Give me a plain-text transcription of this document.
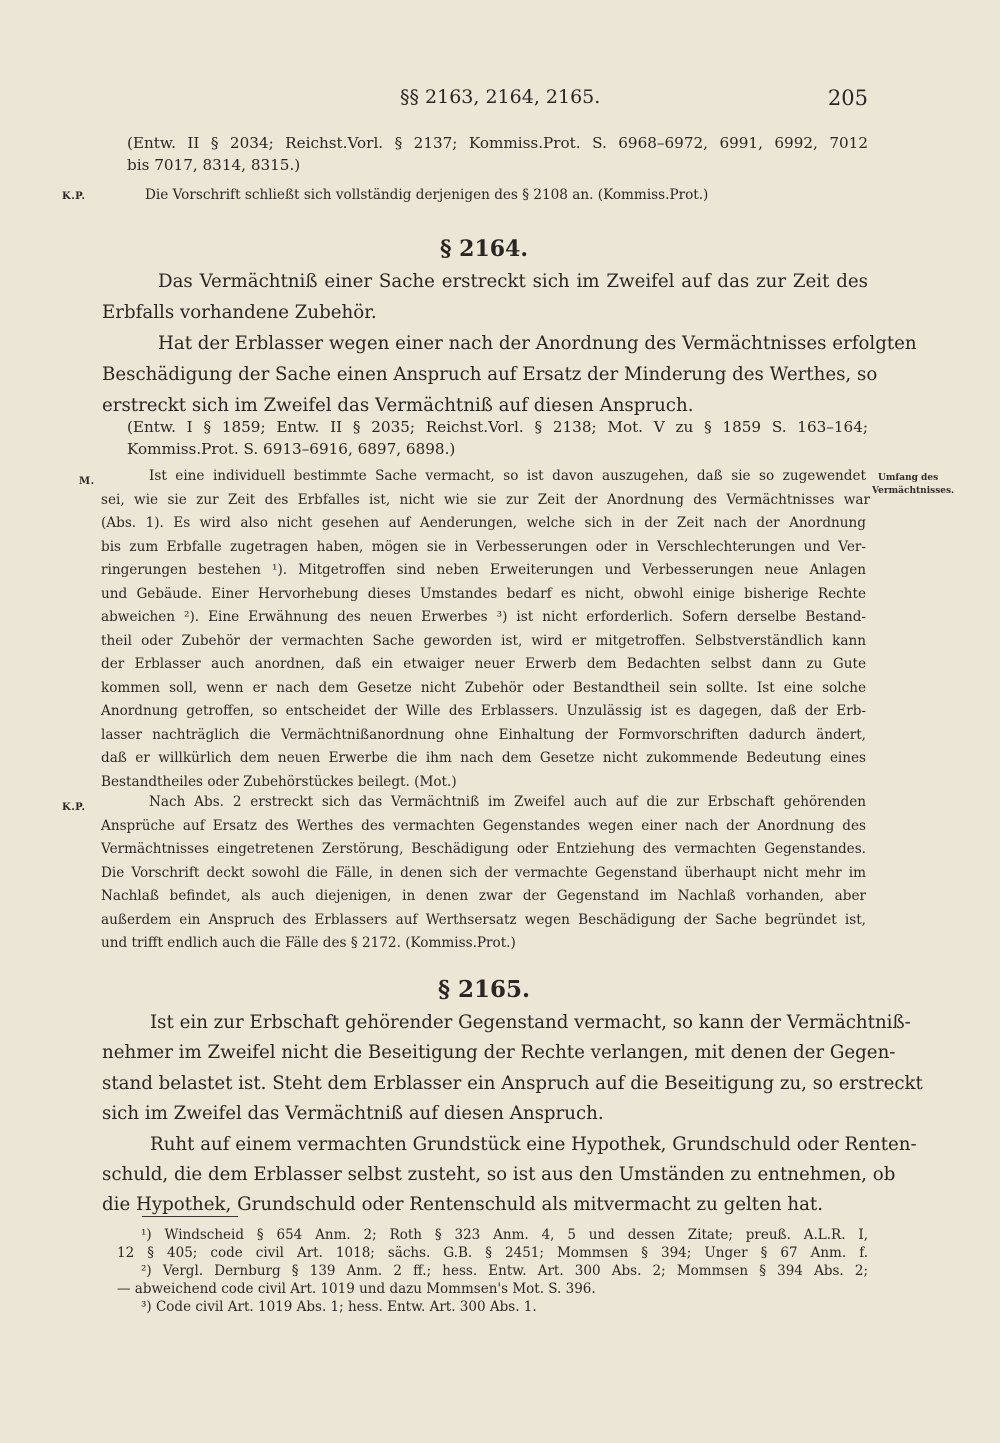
§§ 2163, 2164, 2165.	205
(Entw. II § 2034; Reichst.Vorl. § 2137; Kommiss.Prot. S. 6968–6972, 6991, 6992, 7012
bis 7017, 8314, 8315.)
K.P.	Die Vorschrift schließt sich vollständig derjenigen des § 2108 an. (Kommiss.Prot.)
§ 2164.
Das Vermächtniß einer Sache erstreckt sich im Zweifel auf das zur Zeit des
Erbfalls vorhandene Zubehör.
Hat der Erblasser wegen einer nach der Anordnung des Vermächtnisses erfolgten
Beschädigung der Sache einen Anspruch auf Ersatz der Minderung des Werthes, so
erstreckt sich im Zweifel das Vermächtniß auf diesen Anspruch.
(Entw. I § 1859; Entw. II § 2035; Reichst.Vorl. § 2138; Mot. V zu § 1859 S. 163–164;
Kommiss.Prot. S. 6913–6916, 6897, 6898.)
M.	Umfang des
Vermächtnisses.
Ist eine individuell bestimmte Sache vermacht, so ist davon auszugehen, daß sie so zugewendet
sei, wie sie zur Zeit des Erbfalles ist, nicht wie sie zur Zeit der Anordnung des Vermächtnisses war
(Abs. 1). Es wird also nicht gesehen auf Aenderungen, welche sich in der Zeit nach der Anordnung
bis zum Erbfalle zugetragen haben, mögen sie in Verbesserungen oder in Verschlechterungen und Ver-
ringerungen bestehen ¹). Mitgetroffen sind neben Erweiterungen und Verbesserungen neue Anlagen
und Gebäude. Einer Hervorhebung dieses Umstandes bedarf es nicht, obwohl einige bisherige Rechte
abweichen ²). Eine Erwähnung des neuen Erwerbes ³) ist nicht erforderlich. Sofern derselbe Bestand-
theil oder Zubehör der vermachten Sache geworden ist, wird er mitgetroffen. Selbstverständlich kann
der Erblasser auch anordnen, daß ein etwaiger neuer Erwerb dem Bedachten selbst dann zu Gute
kommen soll, wenn er nach dem Gesetze nicht Zubehör oder Bestandtheil sein sollte. Ist eine solche
Anordnung getroffen, so entscheidet der Wille des Erblassers. Unzulässig ist es dagegen, daß der Erb-
lasser nachträglich die Vermächtnißanordnung ohne Einhaltung der Formvorschriften dadurch ändert,
daß er willkürlich dem neuen Erwerbe die ihm nach dem Gesetze nicht zukommende Bedeutung eines
Bestandtheiles oder Zubehörstückes beilegt. (Mot.)
K.P.	Nach Abs. 2 erstreckt sich das Vermächtniß im Zweifel auch auf die zur Erbschaft gehörenden
Ansprüche auf Ersatz des Werthes des vermachten Gegenstandes wegen einer nach der Anordnung des
Vermächtnisses eingetretenen Zerstörung, Beschädigung oder Entziehung des vermachten Gegenstandes.
Die Vorschrift deckt sowohl die Fälle, in denen sich der vermachte Gegenstand überhaupt nicht mehr im
Nachlaß befindet, als auch diejenigen, in denen zwar der Gegenstand im Nachlaß vorhanden, aber
außerdem ein Anspruch des Erblassers auf Werthsersatz wegen Beschädigung der Sache begründet ist,
und trifft endlich auch die Fälle des § 2172. (Kommiss.Prot.)
§ 2165.
Ist ein zur Erbschaft gehörender Gegenstand vermacht, so kann der Vermächtniß-
nehmer im Zweifel nicht die Beseitigung der Rechte verlangen, mit denen der Gegen-
stand belastet ist. Steht dem Erblasser ein Anspruch auf die Beseitigung zu, so erstreckt
sich im Zweifel das Vermächtniß auf diesen Anspruch.
Ruht auf einem vermachten Grundstück eine Hypothek, Grundschuld oder Renten-
schuld, die dem Erblasser selbst zusteht, so ist aus den Umständen zu entnehmen, ob
die Hypothek, Grundschuld oder Rentenschuld als mitvermacht zu gelten hat.
¹) Windscheid § 654 Anm. 2; Roth § 323 Anm. 4, 5 und dessen Zitate; preuß. A.L.R. I,
12 § 405; code civil Art. 1018; sächs. G.B. § 2451; Mommsen § 394; Unger § 67 Anm. f.
²) Vergl. Dernburg § 139 Anm. 2 ff.; hess. Entw. Art. 300 Abs. 2; Mommsen § 394 Abs. 2;
— abweichend code civil Art. 1019 und dazu Mommsen's Mot. S. 396.
³) Code civil Art. 1019 Abs. 1; hess. Entw. Art. 300 Abs. 1.
